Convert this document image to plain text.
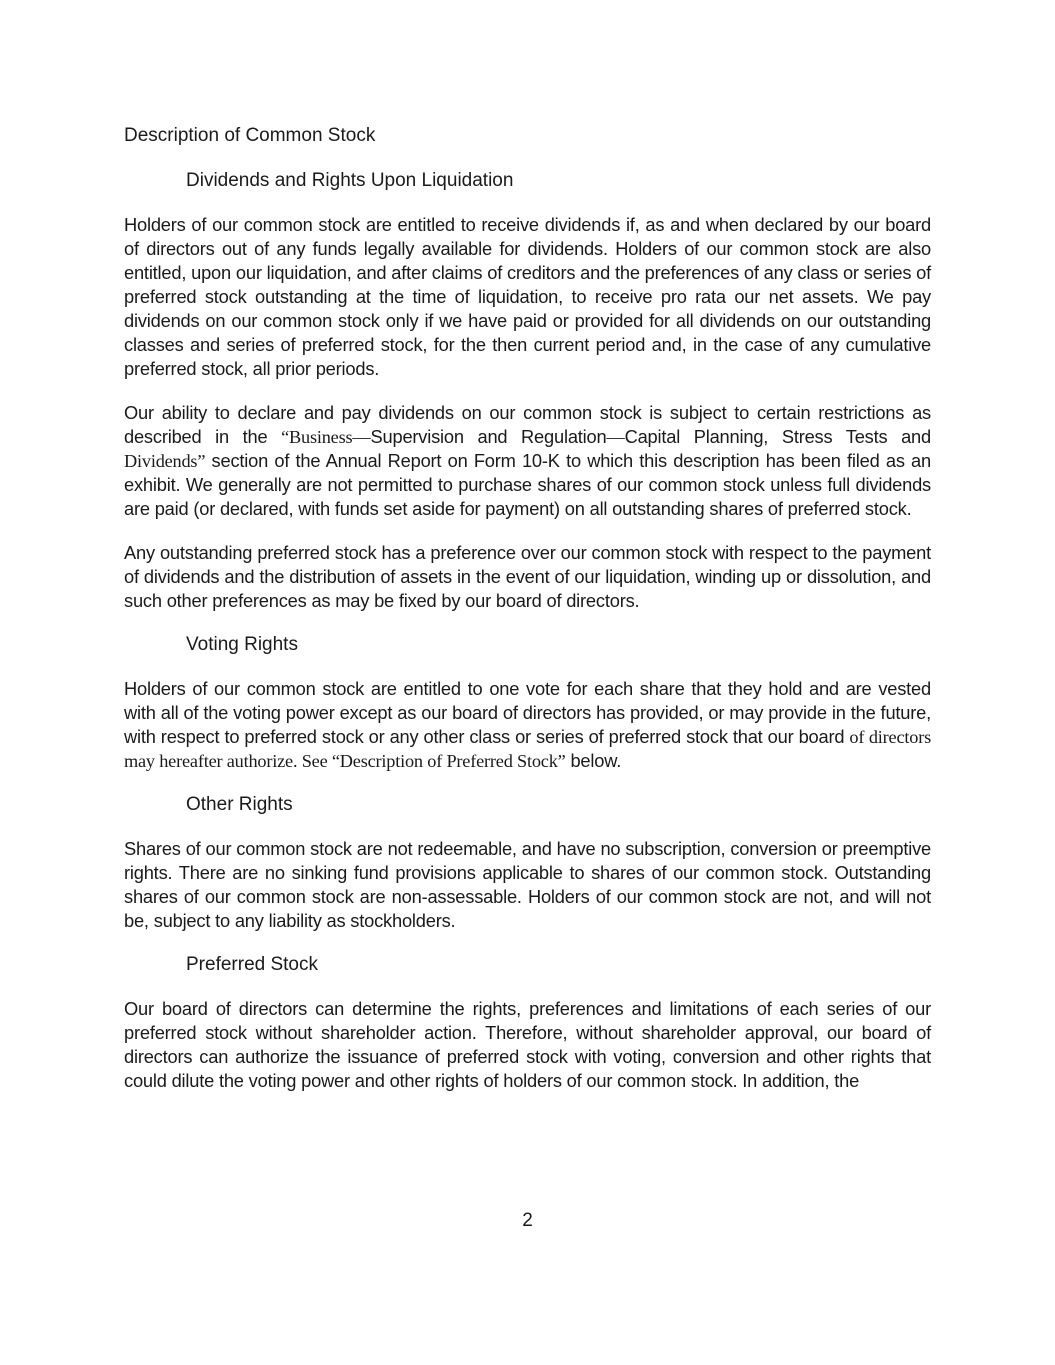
Description of Common Stock
Dividends and Rights Upon Liquidation

Holders of our common stock are entitled to receive dividends if, as and when declared by our board of directors out of any funds legally available for dividends. Holders of our common stock are also entitled, upon our liquidation, and after claims of creditors and the preferences of any class or series of preferred stock outstanding at the time of liquidation, to receive pro rata our net assets. We pay dividends on our common stock only if we have paid or provided for all dividends on our outstanding classes and series of preferred stock, for the then current period and, in the case of any cumulative preferred stock, all prior periods.

Our ability to declare and pay dividends on our common stock is subject to certain restrictions as described in the “Business—Supervision and Regulation—Capital Planning, Stress Tests and Dividends” section of the Annual Report on Form 10-K to which this description has been filed as an exhibit. We generally are not permitted to purchase shares of our common stock unless full dividends are paid (or declared, with funds set aside for payment) on all outstanding shares of preferred stock.

Any outstanding preferred stock has a preference over our common stock with respect to the payment of dividends and the distribution of assets in the event of our liquidation, winding up or dissolution, and such other preferences as may be fixed by our board of directors.

Voting Rights

Holders of our common stock are entitled to one vote for each share that they hold and are vested with all of the voting power except as our board of directors has provided, or may provide in the future, with respect to preferred stock or any other class or series of preferred stock that our board of directors may hereafter authorize. See “Description of Preferred Stock” below.

Other Rights

Shares of our common stock are not redeemable, and have no subscription, conversion or preemptive rights. There are no sinking fund provisions applicable to shares of our common stock. Outstanding shares of our common stock are non-assessable. Holders of our common stock are not, and will not be, subject to any liability as stockholders.

Preferred Stock

Our board of directors can determine the rights, preferences and limitations of each series of our preferred stock without shareholder action. Therefore, without shareholder approval, our board of directors can authorize the issuance of preferred stock with voting, conversion and other rights that could dilute the voting power and other rights of holders of our common stock. In addition, the

2
